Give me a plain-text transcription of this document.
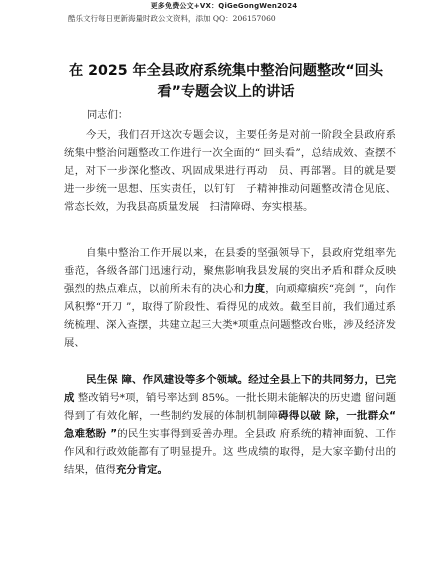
更多免费公文+VX：QiGeGongWen2024
酷乐文行每日更新海量时政公文资料，添加 QQ：206157060
在 2025 年全县政府系统集中整治问题整改“回头看”专题会议上的讲话
同志们：

今天，我们召开这次专题会议，主要任务是对前一阶段全县政府系统集中整治问题整改工作进行一次全面的“ 回头看”，总结成效、查摆不足，对下一步深化整改、巩固成果进行再动　员、再部署。目的就是要进一步统一思想、压实责任，以钉钉　子精神推动问题整改清仓见底、常态长效，为我县高质量发展　扫清障碍、夯实根基。

自集中整治工作开展以来，在县委的坚强领导下，县政府党组率先垂范，各级各部门迅速行动，聚焦影响我县发展的突出矛盾和群众反映强烈的热点难点，以前所未有的决心和力度，向顽瘴痼疾“亮剑 ”，向作风积弊“开刀 ”，取得了阶段性、看得见的成效。截至目前，我们通过系统梳理、深入查摆，共建立起三大类*项重点问题整改台账，涉及经济发展、

民生保 障、作风建设等多个领域。经过全县上下的共同努力，已完成 整改销号*项，销号率达到 85%。一批长期未能解决的历史遗 留问题得到了有效化解，一些制约发展的体制机制障碍得以破 除，一批群众“ 急难愁盼 ”的民生实事得到妥善办理。全县政 府系统的精神面貌、工作作风和行政效能都有了明显提升。这 些成绩的取得，是大家辛勤付出的结果，值得充分肯定。
